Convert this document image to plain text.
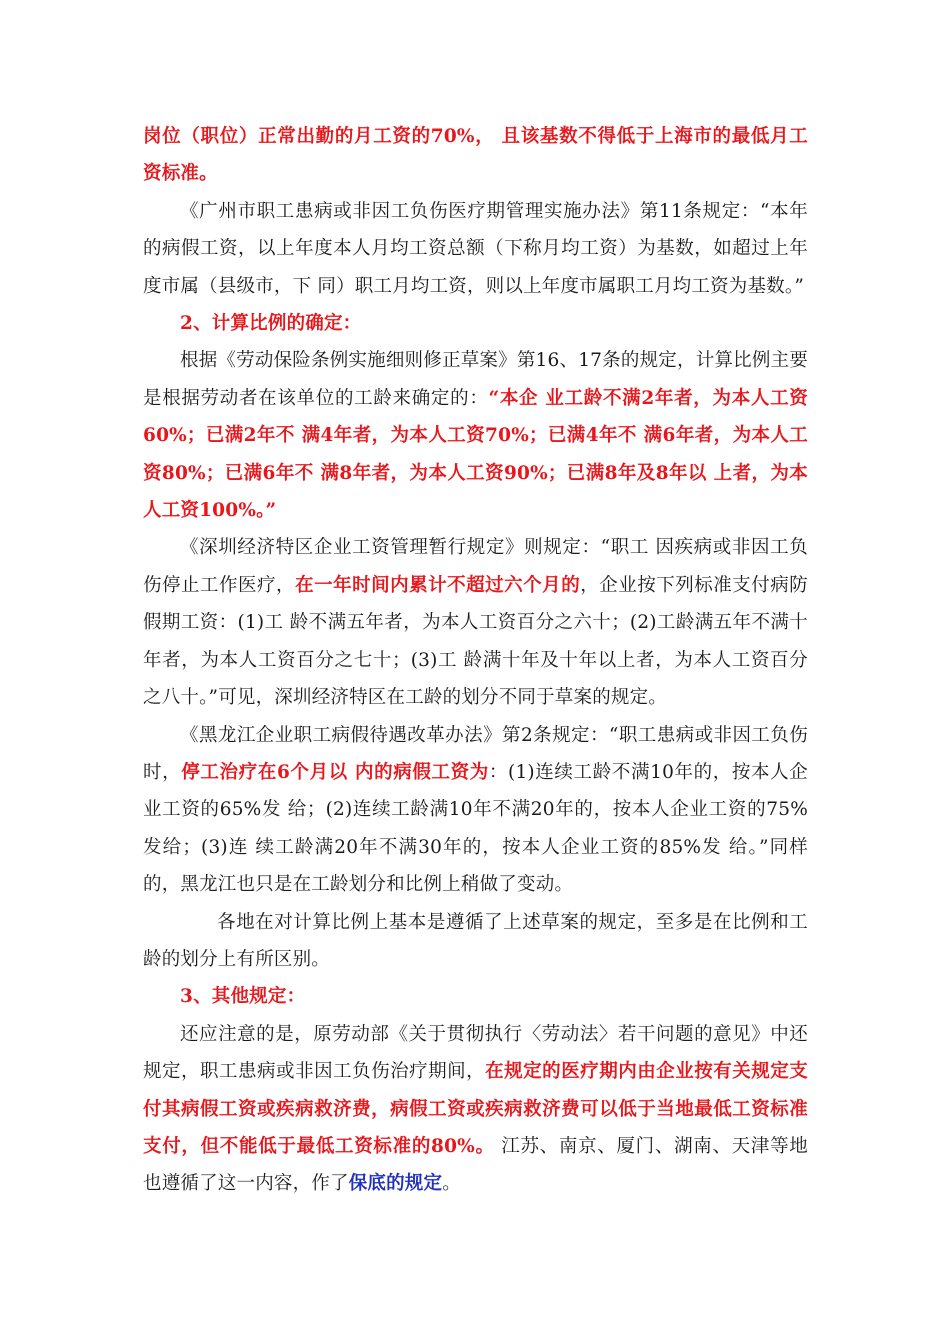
岗位（职位）正常出勤的月工资的70%， 且该基数不得低于上海市的最低月工资标准。

《广州市职工患病或非因工负伤医疗期管理实施办法》第11条规定：“本年的病假工资，以上年度本人月均工资总额（下称月均工资）为基数，如超过上年度市属（县级市，下 同）职工月均工资，则以上年度市属职工月均工资为基数。”

2、计算比例的确定：

根据《劳动保险条例实施细则修正草案》第16、17条的规定，计算比例主要是根据劳动者在该单位的工龄来确定的：“本企 业工龄不满2年者，为本人工资60%；已满2年不 满4年者，为本人工资70%；已满4年不 满6年者，为本人工资80%；已满6年不 满8年者，为本人工资90%；已满8年及8年以 上者，为本人工资100%。”

《深圳经济特区企业工资管理暂行规定》则规定：“职工 因疾病或非因工负伤停止工作医疗，在一年时间内累计不超过六个月的，企业按下列标准支付病防假期工资：(1)工 龄不满五年者，为本人工资百分之六十；(2)工龄满五年不满十年者，为本人工资百分之七十；(3)工 龄满十年及十年以上者，为本人工资百分之八十。”可见，深圳经济特区在工龄的划分不同于草案的规定。

《黑龙江企业职工病假待遇改革办法》第2条规定：“职工患病或非因工负伤时，停工治疗在6个月以 内的病假工资为：(1)连续工龄不满10年的，按本人企业工资的65%发 给；(2)连续工龄满10年不满20年的，按本人企业工资的75%发给；(3)连 续工龄满20年不满30年的，按本人企业工资的85%发 给。”同样 的，黑龙江也只是在工龄划分和比例上稍做了变动。

各地在对计算比例上基本是遵循了上述草案的规定，至多是在比例和工龄的划分上有所区别。

3、其他规定：

还应注意的是，原劳动部《关于贯彻执行〈劳动法〉若干问题的意见》中还规定，职工患病或非因工负伤治疗期间，在规定的医疗期内由企业按有关规定支付其病假工资或疾病救济费，病假工资或疾病救济费可以低于当地最低工资标准支付，但不能低于最低工资标准的80%。 江苏、南京、厦门、湖南、天津等地也遵循了这一内容，作了保底的规定。
